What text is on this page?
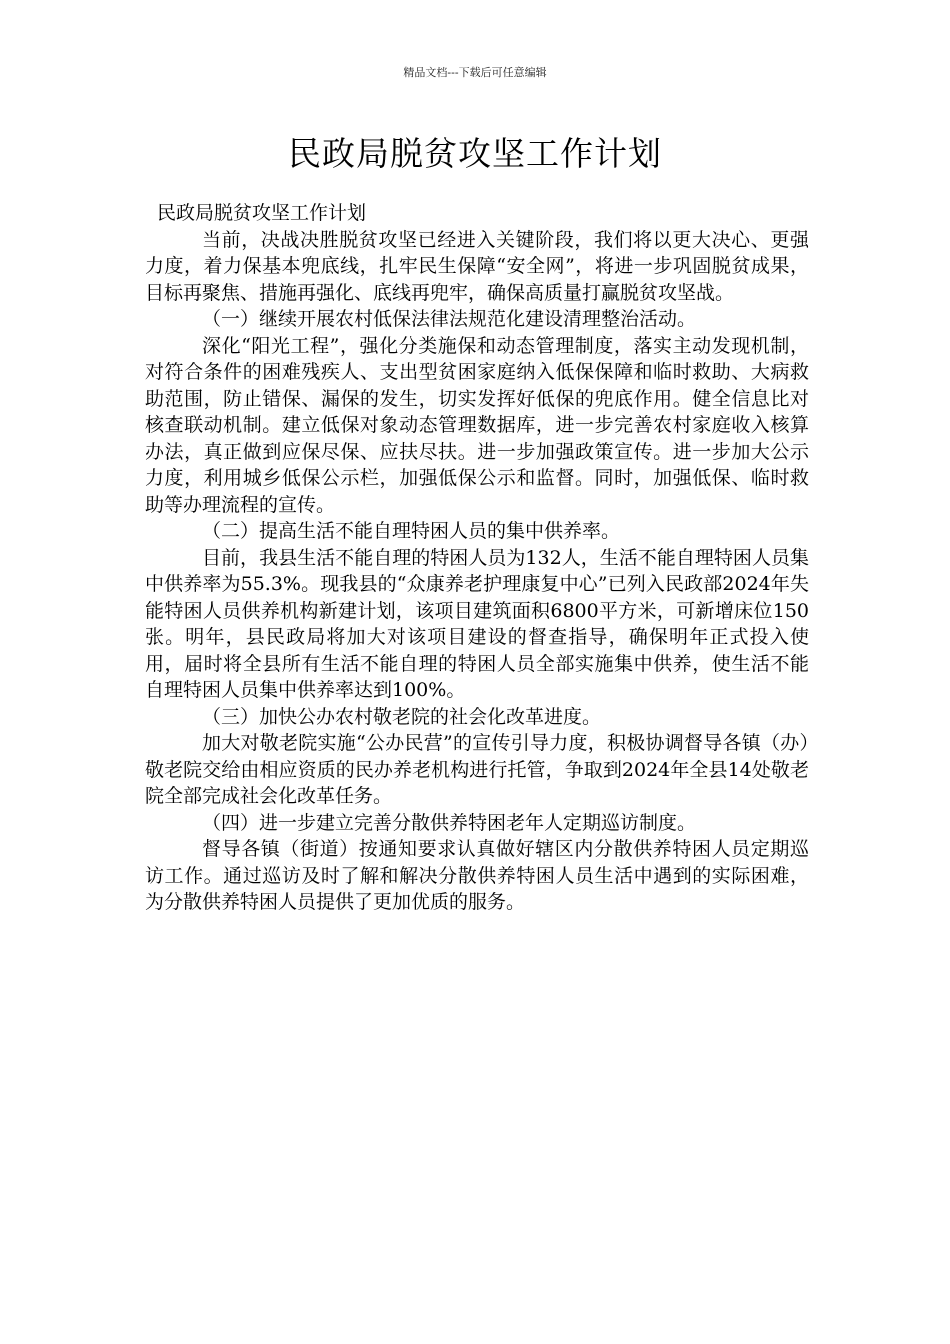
精品文档---下载后可任意编辑
民政局脱贫攻坚工作计划

民政局脱贫攻坚工作计划

当前，决战决胜脱贫攻坚已经进入关键阶段，我们将以更大决心、更强力度，着力保基本兜底线，扎牢民生保障“安全网”，将进一步巩固脱贫成果，目标再聚焦、措施再强化、底线再兜牢，确保高质量打赢脱贫攻坚战。

（一）继续开展农村低保法律法规范化建设清理整治活动。

深化“阳光工程”，强化分类施保和动态管理制度，落实主动发现机制，对符合条件的困难残疾人、支出型贫困家庭纳入低保保障和临时救助、大病救助范围，防止错保、漏保的发生，切实发挥好低保的兜底作用。健全信息比对核查联动机制。建立低保对象动态管理数据库，进一步完善农村家庭收入核算办法，真正做到应保尽保、应扶尽扶。进一步加强政策宣传。进一步加大公示力度，利用城乡低保公示栏，加强低保公示和监督。同时，加强低保、临时救助等办理流程的宣传。

（二）提高生活不能自理特困人员的集中供养率。

目前，我县生活不能自理的特困人员为132人，生活不能自理特困人员集中供养率为55.3%。现我县的“众康养老护理康复中心”已列入民政部2024年失能特困人员供养机构新建计划，该项目建筑面积6800平方米，可新增床位150张。明年，县民政局将加大对该项目建设的督查指导，确保明年正式投入使用，届时将全县所有生活不能自理的特困人员全部实施集中供养，使生活不能自理特困人员集中供养率达到100%。

（三）加快公办农村敬老院的社会化改革进度。

加大对敬老院实施“公办民营”的宣传引导力度，积极协调督导各镇（办）敬老院交给由相应资质的民办养老机构进行托管，争取到2024年全县14处敬老院全部完成社会化改革任务。

（四）进一步建立完善分散供养特困老年人定期巡访制度。

督导各镇（街道）按通知要求认真做好辖区内分散供养特困人员定期巡访工作。通过巡访及时了解和解决分散供养特困人员生活中遇到的实际困难，为分散供养特困人员提供了更加优质的服务。
